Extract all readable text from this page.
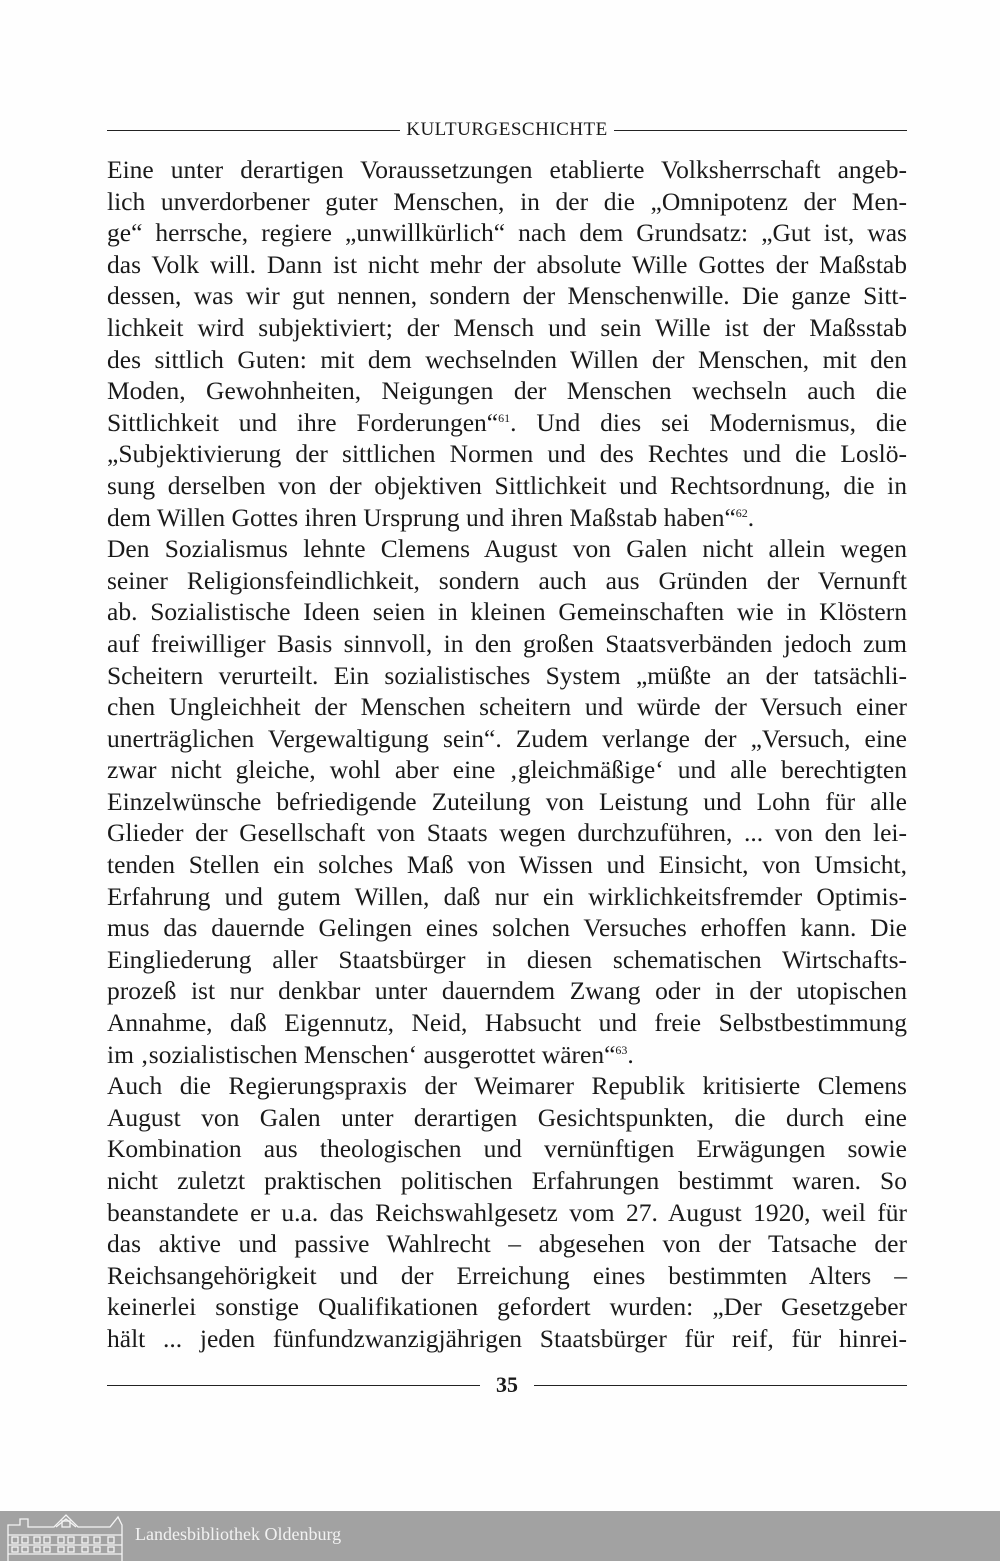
KULTURGESCHICHTE
Eine unter derartigen Voraussetzungen etablierte Volksherrschaft angeb-
lich unverdorbener guter Menschen, in der die „Omnipotenz der Men-
ge“ herrsche, regiere „unwillkürlich“ nach dem Grundsatz: „Gut ist, was
das Volk will. Dann ist nicht mehr der absolute Wille Gottes der Maßstab
dessen, was wir gut nennen, sondern der Menschenwille. Die ganze Sitt-
lichkeit wird subjektiviert; der Mensch und sein Wille ist der Maßsstab
des sittlich Guten: mit dem wechselnden Willen der Menschen, mit den
Moden, Gewohnheiten, Neigungen der Menschen wechseln auch die
Sittlichkeit und ihre Forderungen“$^{61}$. Und dies sei Modernismus, die
„Subjektivierung der sittlichen Normen und des Rechtes und die Loslö-
sung derselben von der objektiven Sittlichkeit und Rechtsordnung, die in
dem Willen Gottes ihren Ursprung und ihren Maßstab haben“$^{62}$.
Den Sozialismus lehnte Clemens August von Galen nicht allein wegen
seiner Religionsfeindlichkeit, sondern auch aus Gründen der Vernunft
ab. Sozialistische Ideen seien in kleinen Gemeinschaften wie in Klöstern
auf freiwilliger Basis sinnvoll, in den großen Staatsverbänden jedoch zum
Scheitern verurteilt. Ein sozialistisches System „müßte an der tatsächli-
chen Ungleichheit der Menschen scheitern und würde der Versuch einer
unerträglichen Vergewaltigung sein“. Zudem verlange der „Versuch, eine
zwar nicht gleiche, wohl aber eine ‚gleichmäßige‘ und alle berechtigten
Einzelwünsche befriedigende Zuteilung von Leistung und Lohn für alle
Glieder der Gesellschaft von Staats wegen durchzuführen, ... von den lei-
tenden Stellen ein solches Maß von Wissen und Einsicht, von Umsicht,
Erfahrung und gutem Willen, daß nur ein wirklichkeitsfremder Optimis-
mus das dauernde Gelingen eines solchen Versuches erhoffen kann. Die
Eingliederung aller Staatsbürger in diesen schematischen Wirtschafts-
prozeß ist nur denkbar unter dauerndem Zwang oder in der utopischen
Annahme, daß Eigennutz, Neid, Habsucht und freie Selbstbestimmung
im ‚sozialistischen Menschen‘ ausgerottet wären“$^{63}$.
Auch die Regierungspraxis der Weimarer Republik kritisierte Clemens
August von Galen unter derartigen Gesichtspunkten, die durch eine
Kombination aus theologischen und vernünftigen Erwägungen sowie
nicht zuletzt praktischen politischen Erfahrungen bestimmt waren. So
beanstandete er u.a. das Reichswahlgesetz vom 27. August 1920, weil für
das aktive und passive Wahlrecht – abgesehen von der Tatsache der
Reichsangehörigkeit und der Erreichung eines bestimmten Alters –
keinerlei sonstige Qualifikationen gefordert wurden: „Der Gesetzgeber
hält ... jeden fünfundzwanzigjährigen Staatsbürger für reif, für hinrei-
35
Landesbibliothek Oldenburg
